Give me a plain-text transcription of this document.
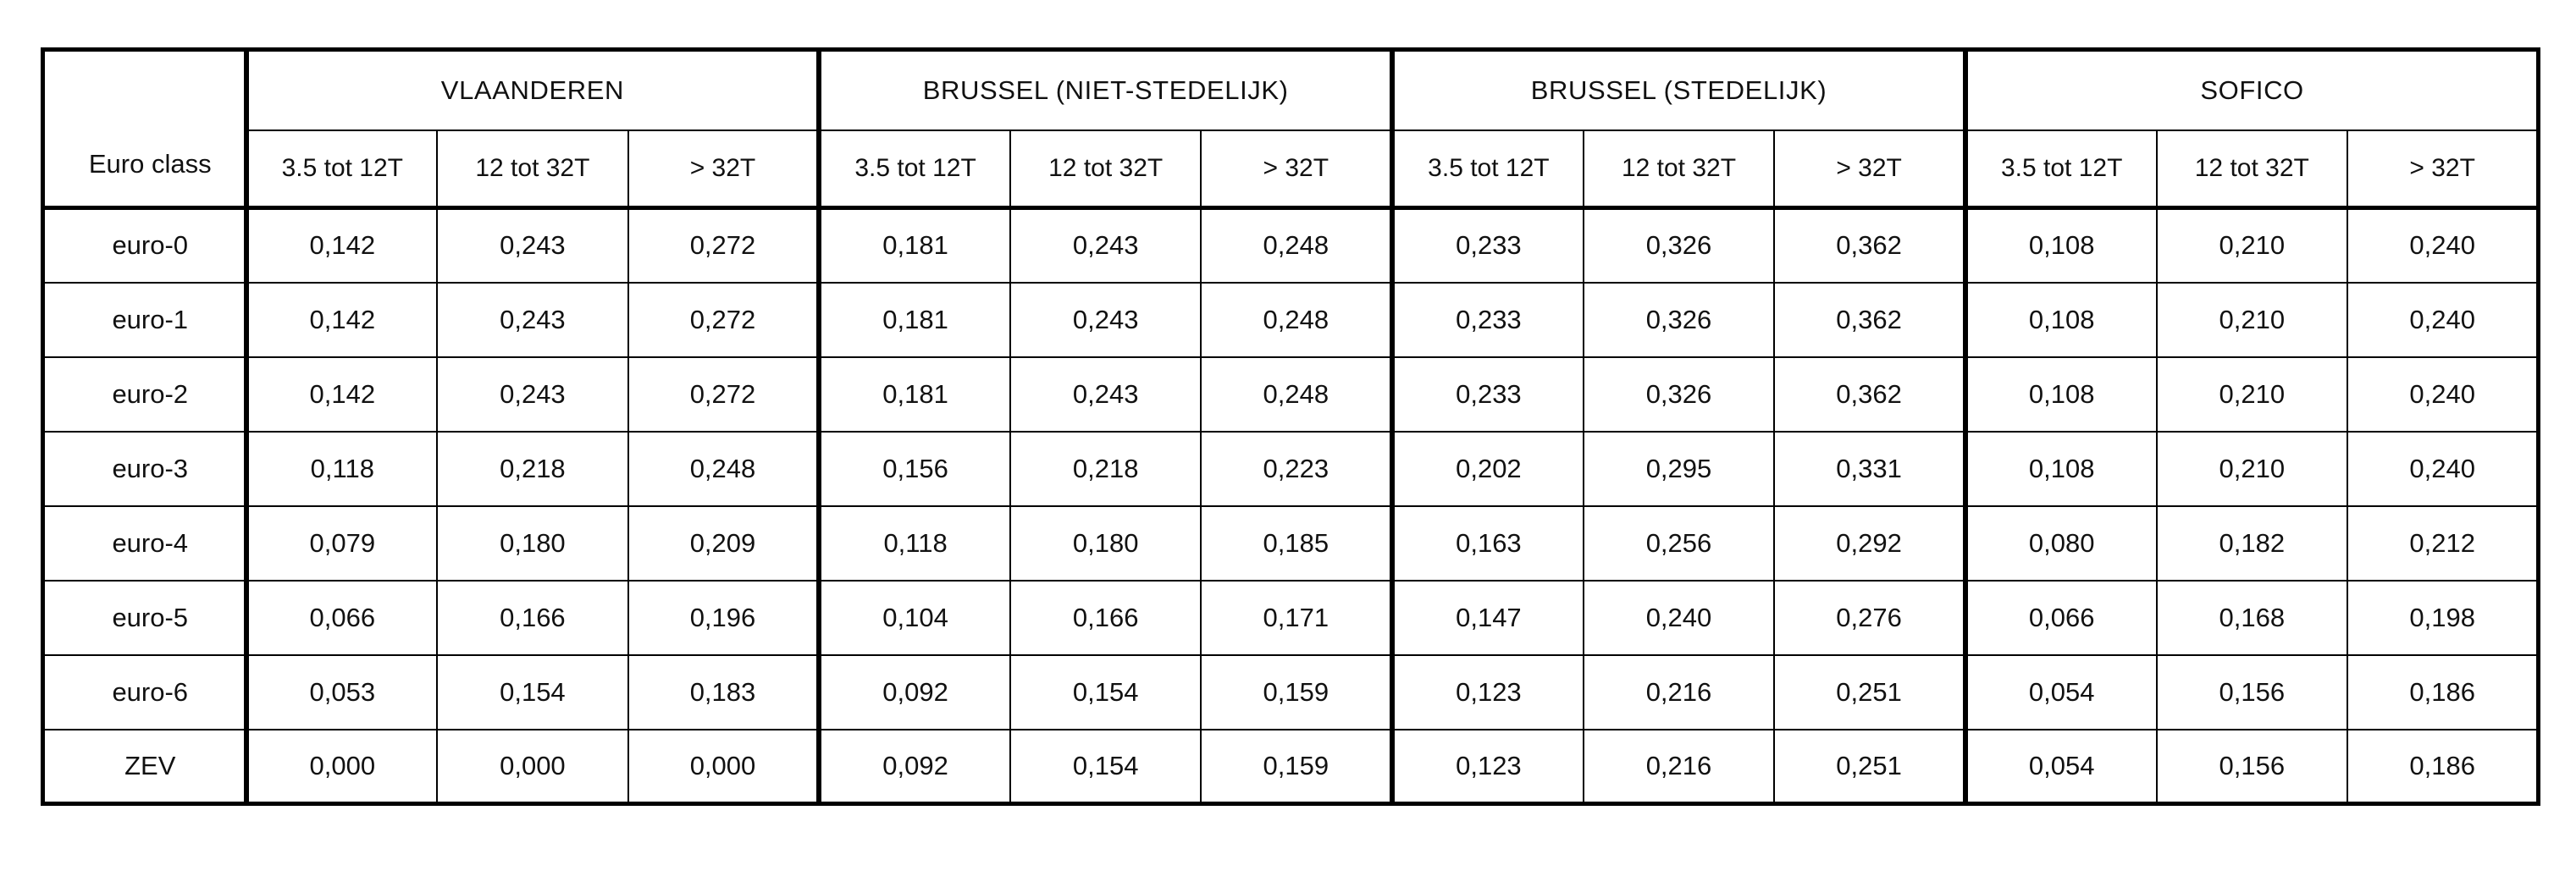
	VLAANDEREN			BRUSSEL (NIET-STEDELIJK)			BRUSSEL (STEDELIJK)			SOFICO		
Euro class	3.5 tot 12T	12 tot 32T	> 32T	3.5 tot 12T	12 tot 32T	> 32T	3.5 tot 12T	12 tot 32T	> 32T	3.5 tot 12T	12 tot 32T	> 32T
euro-0	0,142	0,243	0,272	0,181	0,243	0,248	0,233	0,326	0,362	0,108	0,210	0,240
euro-1	0,142	0,243	0,272	0,181	0,243	0,248	0,233	0,326	0,362	0,108	0,210	0,240
euro-2	0,142	0,243	0,272	0,181	0,243	0,248	0,233	0,326	0,362	0,108	0,210	0,240
euro-3	0,118	0,218	0,248	0,156	0,218	0,223	0,202	0,295	0,331	0,108	0,210	0,240
euro-4	0,079	0,180	0,209	0,118	0,180	0,185	0,163	0,256	0,292	0,080	0,182	0,212
euro-5	0,066	0,166	0,196	0,104	0,166	0,171	0,147	0,240	0,276	0,066	0,168	0,198
euro-6	0,053	0,154	0,183	0,092	0,154	0,159	0,123	0,216	0,251	0,054	0,156	0,186
ZEV	0,000	0,000	0,000	0,092	0,154	0,159	0,123	0,216	0,251	0,054	0,156	0,186
